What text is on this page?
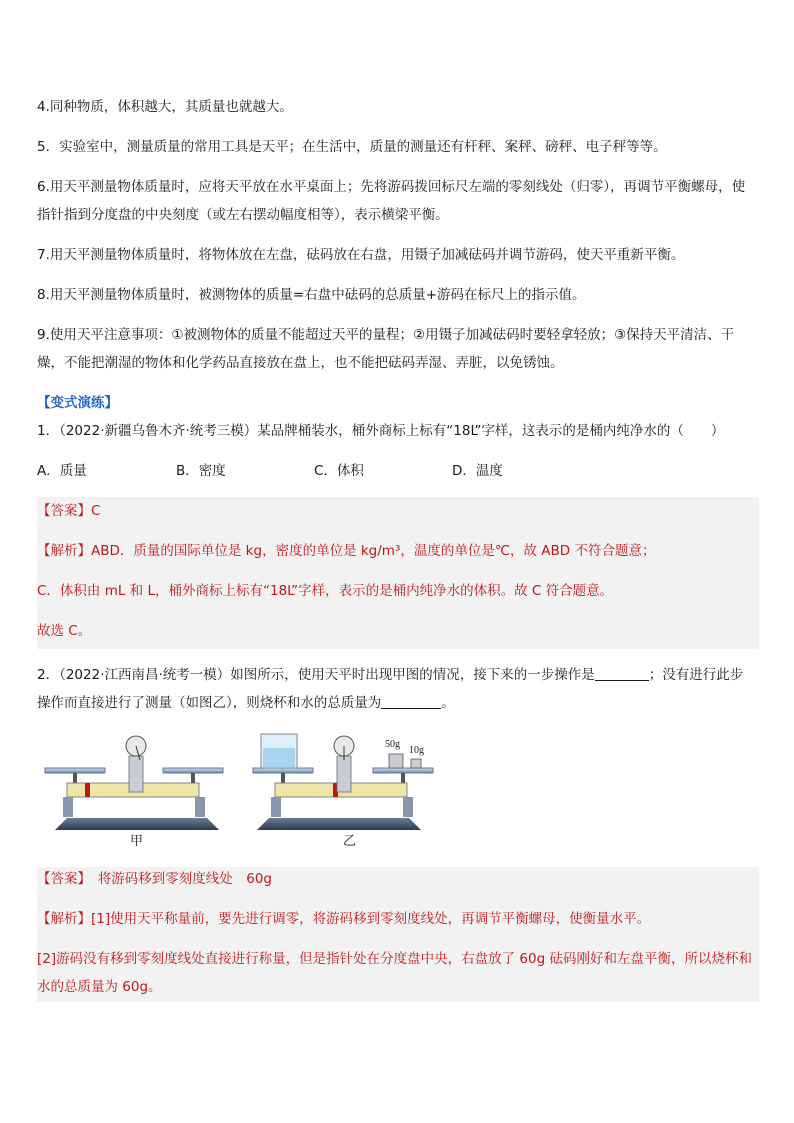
4.同种物质，体积越大，其质量也就越大。
5．实验室中，测量质量的常用工具是天平；在生活中，质量的测量还有杆秤、案秤、磅秤、电子秤等等。
6.用天平测量物体质量时，应将天平放在水平桌面上；先将游码拨回标尺左端的零刻线处（归零），再调节平衡螺母，使指针指到分度盘的中央刻度（或左右摆动幅度相等），表示横梁平衡。
7.用天平测量物体质量时，将物体放在左盘，砝码放在右盘，用镊子加减砝码并调节游码，使天平重新平衡。
8.用天平测量物体质量时，被测物体的质量=右盘中砝码的总质量+游码在标尺上的指示值。
9.使用天平注意事项：①被测物体的质量不能超过天平的量程；②用镊子加减砝码时要轻拿轻放；③保持天平清洁、干燥，不能把潮湿的物体和化学药品直接放在盘上，也不能把砝码弄湿、弄脏，以免锈蚀。
【变式演练】
1．（2022·新疆乌鲁木齐·统考三模）某品牌桶装水，桶外商标上标有“18L”字样，这表示的是桶内纯净水的（　　）
A．质量	B．密度	C．体积	D．温度
【答案】C
【解析】ABD．质量的国际单位是 kg，密度的单位是 kg/m³，温度的单位是℃，故 ABD 不符合题意；
C．体积由 mL 和 L，桶外商标上标有“18L”字样，表示的是桶内纯净水的体积。故 C 符合题意。
故选 C。
2．（2022·江西南昌·统考一模）如图所示，使用天平时出现甲图的情况，接下来的一步操作是	；没有进行此步
操作而直接进行了测量（如图乙），则烧杯和水的总质量为	。
50g
10g
甲	乙
【答案】　 将游码移到零刻度线处　60g
【解析】[1]使用天平称量前，要先进行调零，将游码移到零刻度线处，再调节平衡螺母，使衡量水平。
[2]游码没有移到零刻度线处直接进行称量，但是指针处在分度盘中央，右盘放了 60g 砝码刚好和左盘平衡，所以烧杯和水的总质量为 60g。
